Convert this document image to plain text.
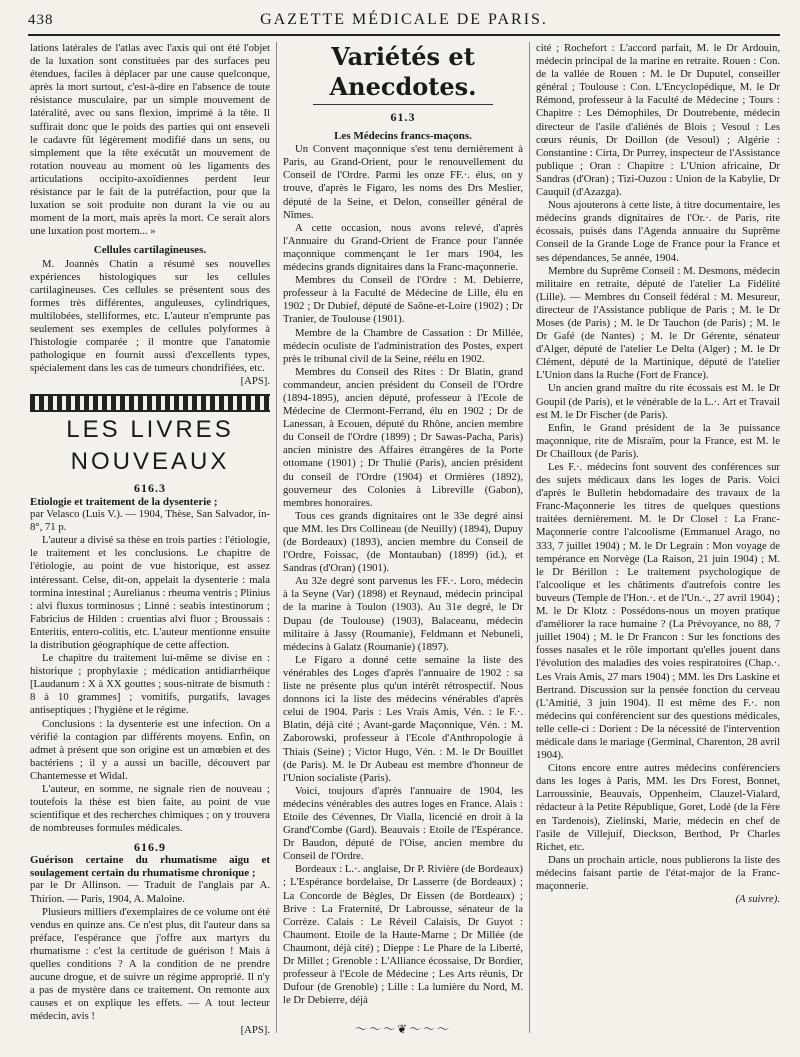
438	GAZETTE MÉDICALE DE PARIS.

lations latérales de l'atlas avec l'axis qui ont été l'objet de la luxation sont constituées par des surfaces peu étendues, faciles à déplacer par une cause quelconque, après la mort surtout, c'est-à-dire en l'absence de toute résistance musculaire, par un simple mouvement de latéralité, avec ou sans flexion, imprimé à la tête. Il suffirait donc que le poids des parties qui ont enseveli le cadavre fût légèrement modifié dans un sens, ou simplement que la tête exécutât un mouvement de rotation nouveau au moment où les ligaments des articulations occipito-axoïdiennes perdent leur résistance par le fait de la putréfaction, pour que la luxation se soit produite non durant la vie ou au moment de la mort, mais après la mort. Ce serait alors une luxation post mortem... »

Cellules cartilagineuses.

M. Joannès Chatin a résumé ses nouvelles expériences histologiques sur les cellules cartilagineuses. Ces cellules se présentent sous des formes très différentes, anguleuses, cylindriques, multilobées, stelliformes, etc. L'auteur n'emprunte pas seulement ses exemples de cellules polyformes à l'histologie comparée ; il montre que l'anatomie pathologique en fournit aussi d'excellents types, spécialement dans les cas de tumeurs chondrifiées, etc.

[APS].
LES LIVRES
NOUVEAUX
616.3
Etiologie et traitement de la dysenterie ;

par Velasco (Luis V.). — 1904, Thèse, San Salvador, in-8°, 71 p.

L'auteur a divisé sa thèse en trois parties : l'étiologie, le traitement et les conclusions. Le chapitre de l'étiologie, au point de vue historique, est assez intéressant. Celse, dit-on, appelait la dysenterie : mala tormina intestinal ; Aurelianus : rheuma ventris ; Plinius : alvi fluxus torminosus ; Linné : seabis intestinorum ; Fabricius de Hilden : cruentias alvi fluor ; Broussais : Enteritis, entero-colitis, etc. L'auteur mentionne ensuite la distribution géographique de cette affection.

Le chapitre du traitement lui-même se divise en : historique ; prophylaxie ; médication antidiarrhéique [Laudanum : X à XX gouttes ; sous-nitrate de bismuth : 8 à 10 grammes] ; vomitifs, purgatifs, lavages antiseptiques ; l'hygiène et le régime.

Conclusions : la dysenterie est une infection. On a vérifié la contagion par différents moyens. Enfin, on admet à présent que son origine est un amœbien et des bactériens ; il y a aussi un bacille, découvert par Chantemesse et Widal.

L'auteur, en somme, ne signale rien de nouveau ; toutefois la thèse est bien faite, au point de vue scientifique et des recherches chimiques ; on y trouvera de nombreuses formules médicales.

616.9
Guérison certaine du rhumatisme aigu et soulagement certain du rhumatisme chronique ;

par le Dr Allinson. — Traduit de l'anglais par A. Thirion. — Paris, 1904, A. Maloine.

Plusieurs milliers d'exemplaires de ce volume ont été vendus en quinze ans. Ce n'est plus, dit l'auteur dans sa préface, l'espérance que j'offre aux martyrs du rhumatisme : c'est la certitude de guérison ! Mais à quelles conditions ? A la condition de ne prendre aucune drogue, et de suivre un régime approprié. Il n'y a pas de mystère dans ce traitement. On remonte aux causes et on explique les effets. — A tout lecteur médecin, avis !

[APS].
Variétés et Anecdotes.
61.3
Les Médecins francs-maçons.

Un Convent maçonnique s'est tenu dernièrement à Paris, au Grand-Orient, pour le renouvellement du Conseil de l'Ordre. Parmi les onze FF.·. élus, on y trouve, d'après le Figaro, les noms des Drs Meslier, député de la Seine, et Delon, conseiller général de Nîmes.

A cette occasion, nous avons relevé, d'après l'Annuaire du Grand-Orient de France pour l'année maçonnique commençant le 1er mars 1904, les médecins grands dignitaires dans la Franc-maçonnerie.

Membres du Conseil de l'Ordre : M. Debierre, professeur à la Faculté de Médecine de Lille, élu en 1902 ; Dr Dubief, député de Saône-et-Loire (1902) ; Dr Tranier, de Toulouse (1901).

Membre de la Chambre de Cassation : Dr Millée, médecin oculiste de l'administration des Postes, expert près le tribunal civil de la Seine, réélu en 1902.

Membres du Conseil des Rites : Dr Blatin, grand commandeur, ancien président du Conseil de l'Ordre (1894-1895), ancien député, professeur à l'Ecole de Médecine de Clermont-Ferrand, élu en 1902 ; Dr de Lanessan, à Ecouen, député du Rhône, ancien membre du Conseil de l'Ordre (1899) ; Dr Sawas-Pacha, Paris) ancien ministre des Affaires étrangères de la Porte ottomane (1901) ; Dr Thulié (Paris), ancien président du conseil de l'Ordre (1904) et Ormières (1892), gouverneur des Colonies à Libreville (Gabon), membres honoraires.

Tous ces grands dignitaires ont le 33e degré ainsi que MM. les Drs Collineau (de Neuilly) (1894), Dupuy (de Bordeaux) (1893), ancien membre du Conseil de l'Ordre, Foissac, (de Montauban) (1899) (id.), et Sandras (d'Oran) (1901).

Au 32e degré sont parvenus les FF.·. Loro, médecin à la Seyne (Var) (1898) et Reynaud, médecin principal de la marine à Toulon (1903). Au 31e degré, le Dr Dupau (de Toulouse) (1903), Balaceanu, médecin militaire à Jassy (Roumanie), Feldmann et Nebuneli, médecins à Galatz (Roumanie) (1897).

Le Figaro a donné cette semaine la liste des vénérables des Loges d'après l'annuaire de 1902 : sa liste ne présente plus qu'un intérêt rétrospectif. Nous donnons ici la liste des médecins vénérables d'après celui de 1904. Paris : Les Vrais Amis, Vén. : le F.·. Blatin, déjà cité ; Avant-garde Maçonnique, Vén. : M. Zaborowski, professeur à l'Ecole d'Anthropologie à Thiais (Seine) ; Victor Hugo, Vén. : M. le Dr Bouillet (de Paris). M. le Dr Aubeau est membre d'honneur de l'Union socialiste (Paris).

Voici, toujours d'après l'annuaire de 1904, les médecins vénérables des autres loges en France. Alais : Etoile des Cévennes, Dr Vialla, licencié en droit à la Grand'Combe (Gard). Beauvais : Etoile de l'Espérance. Dr Baudon, député de l'Oise, ancien membre du Conseil de l'Ordre.

Bordeaux : L.·. anglaise, Dr P. Rivière (de Bordeaux) ; L'Espérance bordelaise, Dr Lasserre (de Bordeaux) ; La Concorde de Bègles, Dr Eissen (de Bordeaux) ; Brive : La Fraternité, Dr Labrousse, sénateur de la Corrèze. Calais : Le Réveil Calaisis, Dr Guyot : Chaumont. Etoile de la Haute-Marne ; Dr Millée (de Chaumont, déjà cité) ; Dieppe : Le Phare de la Liberté, Dr Millet ; Grenoble : L'Alliance écossaise, Dr Bordier, professeur à l'Ecole de Médecine ; Les Arts réunis, Dr Dufour (de Grenoble) ; Lille : La lumière du Nord, M. le Dr Debierre, déjà

cité ; Rochefort : L'accord parfait, M. le Dr Ardouin, médecin principal de la marine en retraite. Rouen : Con. de la vallée de Rouen : M. le Dr Duputel, conseiller général ; Toulouse : Con. L'Encyclopédique, M. le Dr Rémond, professeur à la Faculté de Médecine ; Tours : Chapitre : Les Démophiles, Dr Doutrebente, médecin directeur de l'asile d'aliénés de Blois ; Vesoul : Les cœurs réunis, Dr Doillon (de Vesoul) ; Algérie : Constantine : Cirta, Dr Purrey, inspecteur de l'Assistance publique ; Oran : Chapitre : L'Union africaine, Dr Sandras (d'Oran) ; Tizi-Ouzou : Union de la Kabylie, Dr Cauquil (d'Azazga).

Nous ajouterons à cette liste, à titre documentaire, les médecins grands dignitaires de l'Or.·. de Paris, rite écossais, puisés dans l'Agenda annuaire du Suprême Conseil de la Grande Loge de France pour la France et ses dépendances, 5e année, 1904.

Membre du Suprême Conseil : M. Desmons, médecin militaire en retraite, député de l'atelier La Fidélité (Lille). — Membres du Conseil fédéral : M. Mesureur, directeur de l'Assistance publique de Paris ; M. le Dr Moses (de Paris) ; M. le Dr Tauchon (de Paris) ; M. le Dr Gafé (de Nantes) ; M. le Dr Gérente, sénateur d'Alger, député de l'atelier Le Delta (Alger) ; M. le Dr Clément, député de la Martinique, député de l'atelier L'Union dans la Ruche (Fort de France).

Un ancien grand maître du rite écossais est M. le Dr Goupil (de Paris), et le vénérable de la L.·. Art et Travail est M. le Dr Fischer (de Paris).

Enfin, le Grand président de la 3e puissance maçonnique, rite de Misraïm, pour la France, est M. le Dr Chailloux (de Paris).

Les F.·. médecins font souvent des conférences sur des sujets médicaux dans les loges de Paris. Voici d'après le Bulletin hebdomadaire des travaux de la Franc-Maçonnerie les titres de quelques questions traitées dernièrement. M. le Dr Closel : La Franc-Maçonnerie contre l'alcoolisme (Emmanuel Arago, no 333, 7 juillet 1904) ; M. le Dr Legrain : Mon voyage de tempérance en Norvège (La Raison, 21 juin 1904) ; M. le Dr Bérillon : Le traitement psychologique de l'alcoolique et les châtiments d'autrefois contre les buveurs (Temple de l'Hon.·. et de l'Un.·., 27 avril 1904) ; M. le Dr Klotz : Possédons-nous un moyen pratique d'améliorer la race humaine ? (La Prévoyance, no 88, 7 juillet 1904) ; M. le Dr Francon : Sur les fonctions des fosses nasales et le rôle important qu'elles jouent dans l'évolution des maladies des voies respiratoires (Chap.·. Les Vrais Amis, 27 mars 1904) ; MM. les Drs Laskine et Bertrand. Discussion sur la pensée fonction du cerveau (L'Amitié, 3 juin 1904). Il est même des F.·. non médecins qui conférencient sur des questions médicales, telle celle-ci : Dorient : De la nécessité de l'intervention médicale dans le mariage (Germinal, Charenton, 28 avril 1904).

Citons encore entre autres médecins conférenciers dans les loges à Paris, MM. les Drs Forest, Bonnet, Larroussinie, Beauvais, Oppenheim, Clauzel-Vialard, rédacteur à la Petite République, Goret, Lodé (de la Fère en Tardenois), Zielinski, Marie, médecin en chef de l'asile de Villejuif, Dieckson, Berthod, Pr Charles Richet, etc.

Dans un prochain article, nous publierons la liste des médecins faisant partie de l'état-major de la Franc-maçonnerie.

(A suivre).
〜〜〜❦〜〜〜
